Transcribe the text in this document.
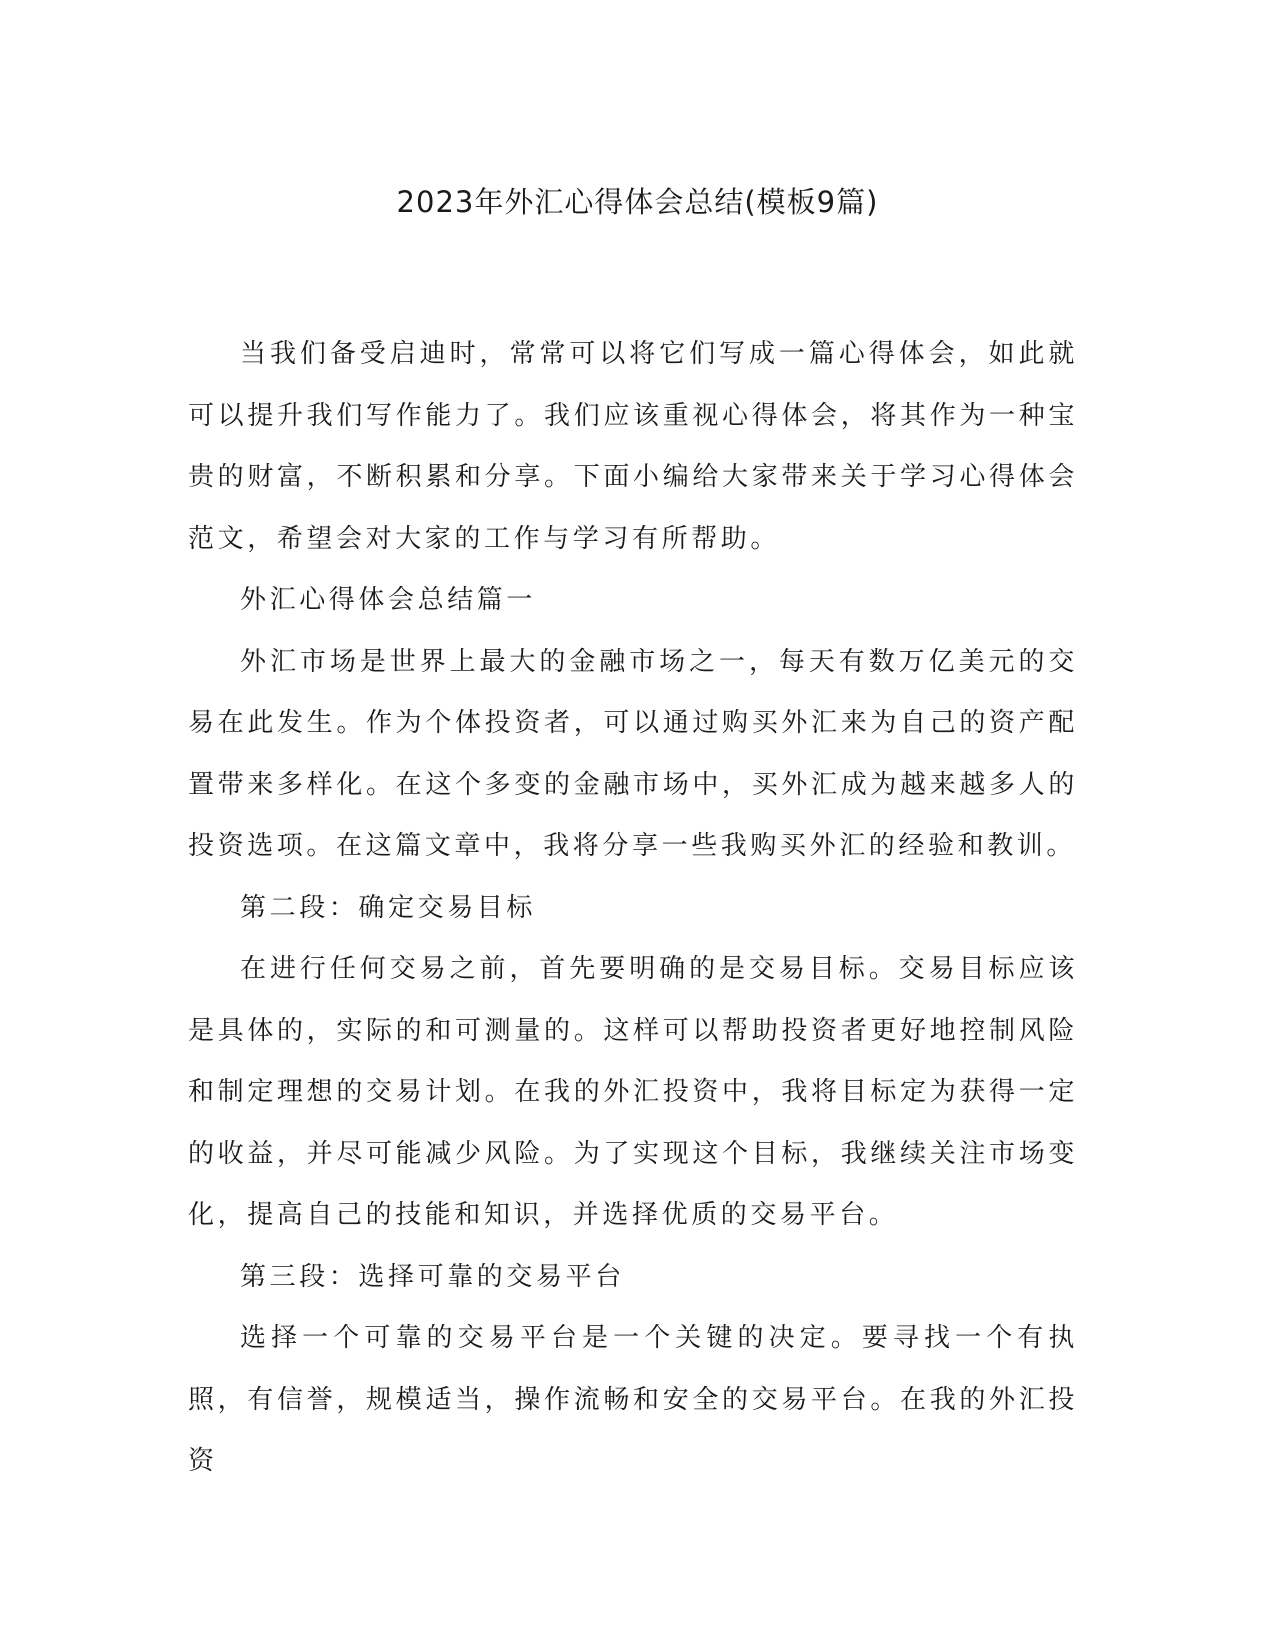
2023年外汇心得体会总结(模板9篇)

当我们备受启迪时，常常可以将它们写成一篇心得体会，如此就可以提升我们写作能力了。我们应该重视心得体会，将其作为一种宝贵的财富，不断积累和分享。下面小编给大家带来关于学习心得体会范文，希望会对大家的工作与学习有所帮助。

外汇心得体会总结篇一

外汇市场是世界上最大的金融市场之一，每天有数万亿美元的交易在此发生。作为个体投资者，可以通过购买外汇来为自己的资产配置带来多样化。在这个多变的金融市场中，买外汇成为越来越多人的投资选项。在这篇文章中，我将分享一些我购买外汇的经验和教训。

第二段：确定交易目标

在进行任何交易之前，首先要明确的是交易目标。交易目标应该是具体的，实际的和可测量的。这样可以帮助投资者更好地控制风险和制定理想的交易计划。在我的外汇投资中，我将目标定为获得一定的收益，并尽可能减少风险。为了实现这个目标，我继续关注市场变化，提高自己的技能和知识，并选择优质的交易平台。

第三段：选择可靠的交易平台

选择一个可靠的交易平台是一个关键的决定。要寻找一个有执照，有信誉，规模适当，操作流畅和安全的交易平台。在我的外汇投资
